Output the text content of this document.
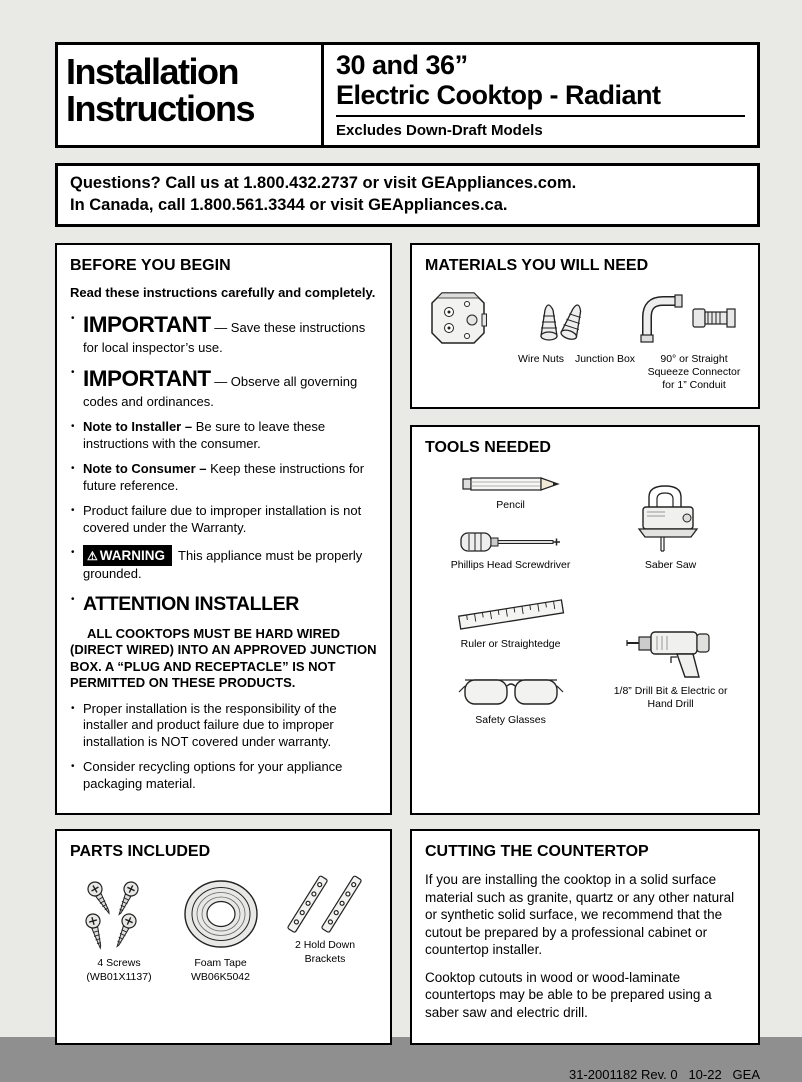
Installation Instructions
30 and 36”
Electric Cooktop - Radiant
Excludes Down-Draft Models
Questions? Call us at 1.800.432.2737 or visit GEAppliances.com.
In Canada, call 1.800.561.3344 or visit GEAppliances.ca.
BEFORE YOU BEGIN
Read these instructions carefully and completely.
• IMPORTANT — Save these instructions for local inspector’s use.
• IMPORTANT — Observe all governing codes and ordinances.
• Note to Installer – Be sure to leave these instructions with the consumer.
• Note to Consumer – Keep these instructions for future reference.
• Product failure due to improper installation is not covered under the Warranty.
• ⚠ WARNING This appliance must be properly grounded.
• ATTENTION INSTALLER

ALL COOKTOPS MUST BE HARD WIRED (DIRECT WIRED) INTO AN APPROVED JUNCTION BOX. A “PLUG AND RECEPTACLE” IS NOT PERMITTED ON THESE PRODUCTS.

• Proper installation is the responsibility of the installer and product failure due to improper installation is NOT covered under warranty.
• Consider recycling options for your appliance packaging material.
MATERIALS YOU WILL NEED
Wire Nuts Junction Box	90° or Straight Squeeze Connector for 1” Conduit
TOOLS NEEDED
Pencil
Phillips Head Screwdriver
Ruler or Straightedge
Safety Glasses
Saber Saw
1/8” Drill Bit & Electric or Hand Drill
PARTS INCLUDED
4 Screws (WB01X1137)
Foam Tape WB06K5042
2 Hold Down Brackets
CUTTING THE COUNTERTOP

If you are installing the cooktop in a solid surface material such as granite, quartz or any other natural or synthetic solid surface, we recommend that the cutout be prepared by a professional cabinet or countertop installer.

Cooktop cutouts in wood or wood-laminate countertops may be able to be prepared using a saber saw and electric drill.

31-2001182 Rev. 0   10-22   GEA
